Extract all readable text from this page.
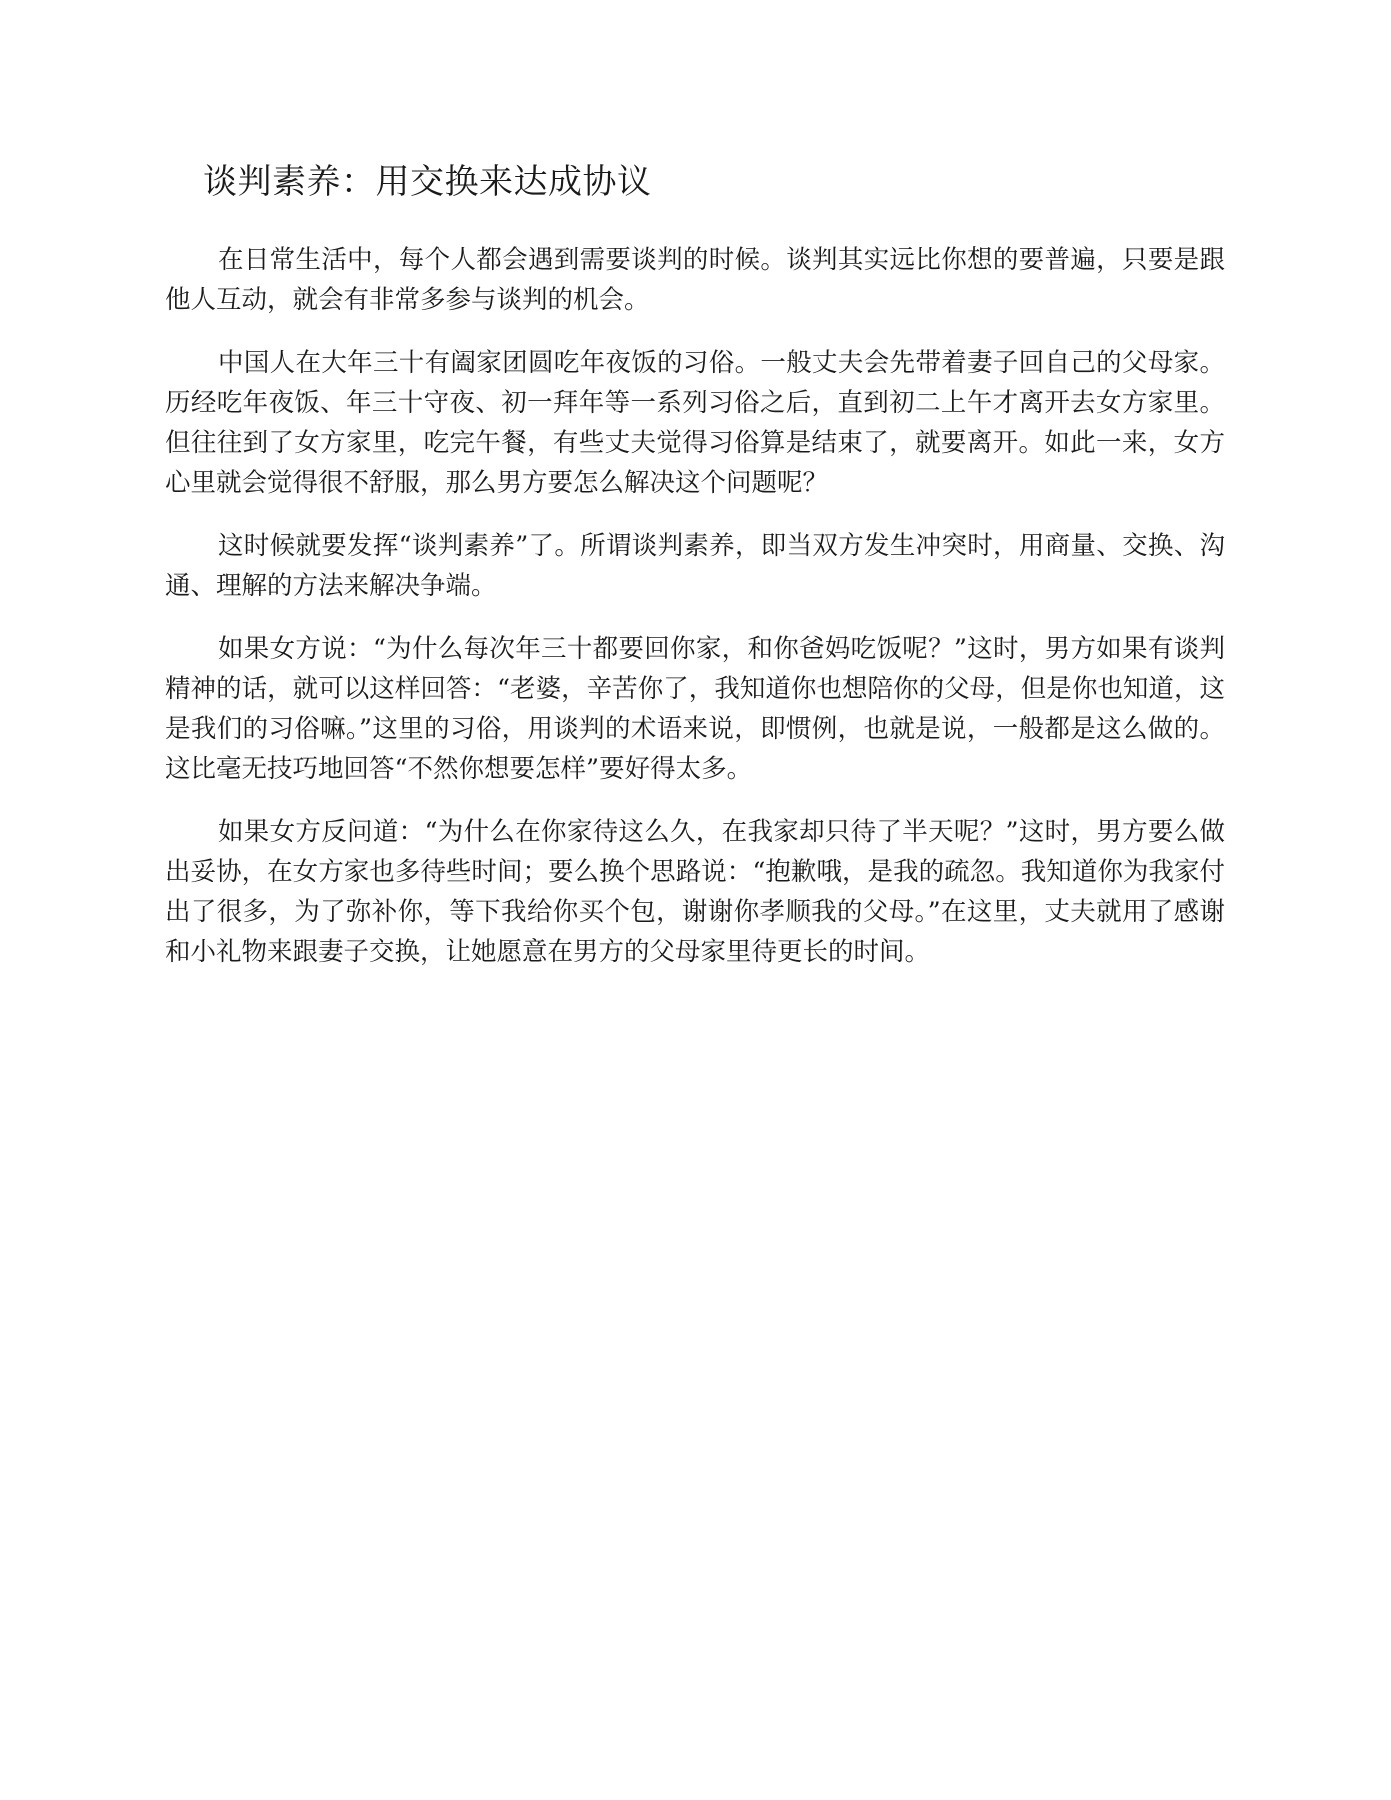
谈判素养：用交换来达成协议

在日常生活中，每个人都会遇到需要谈判的时候。谈判其实远比你想的要普遍，只要是跟他人互动，就会有非常多参与谈判的机会。

中国人在大年三十有阖家团圆吃年夜饭的习俗。一般丈夫会先带着妻子回自己的父母家。历经吃年夜饭、年三十守夜、初一拜年等一系列习俗之后，直到初二上午才离开去女方家里。但往往到了女方家里，吃完午餐，有些丈夫觉得习俗算是结束了，就要离开。如此一来，女方心里就会觉得很不舒服，那么男方要怎么解决这个问题呢？

这时候就要发挥“谈判素养”了。所谓谈判素养，即当双方发生冲突时，用商量、交换、沟通、理解的方法来解决争端。

如果女方说：“为什么每次年三十都要回你家，和你爸妈吃饭呢？”这时，男方如果有谈判精神的话，就可以这样回答：“老婆，辛苦你了，我知道你也想陪你的父母，但是你也知道，这是我们的习俗嘛。”这里的习俗，用谈判的术语来说，即惯例，也就是说，一般都是这么做的。这比毫无技巧地回答“不然你想要怎样”要好得太多。

如果女方反问道：“为什么在你家待这么久，在我家却只待了半天呢？”这时，男方要么做出妥协，在女方家也多待些时间；要么换个思路说：“抱歉哦，是我的疏忽。我知道你为我家付出了很多，为了弥补你，等下我给你买个包，谢谢你孝顺我的父母。”在这里，丈夫就用了感谢和小礼物来跟妻子交换，让她愿意在男方的父母家里待更长的时间。
